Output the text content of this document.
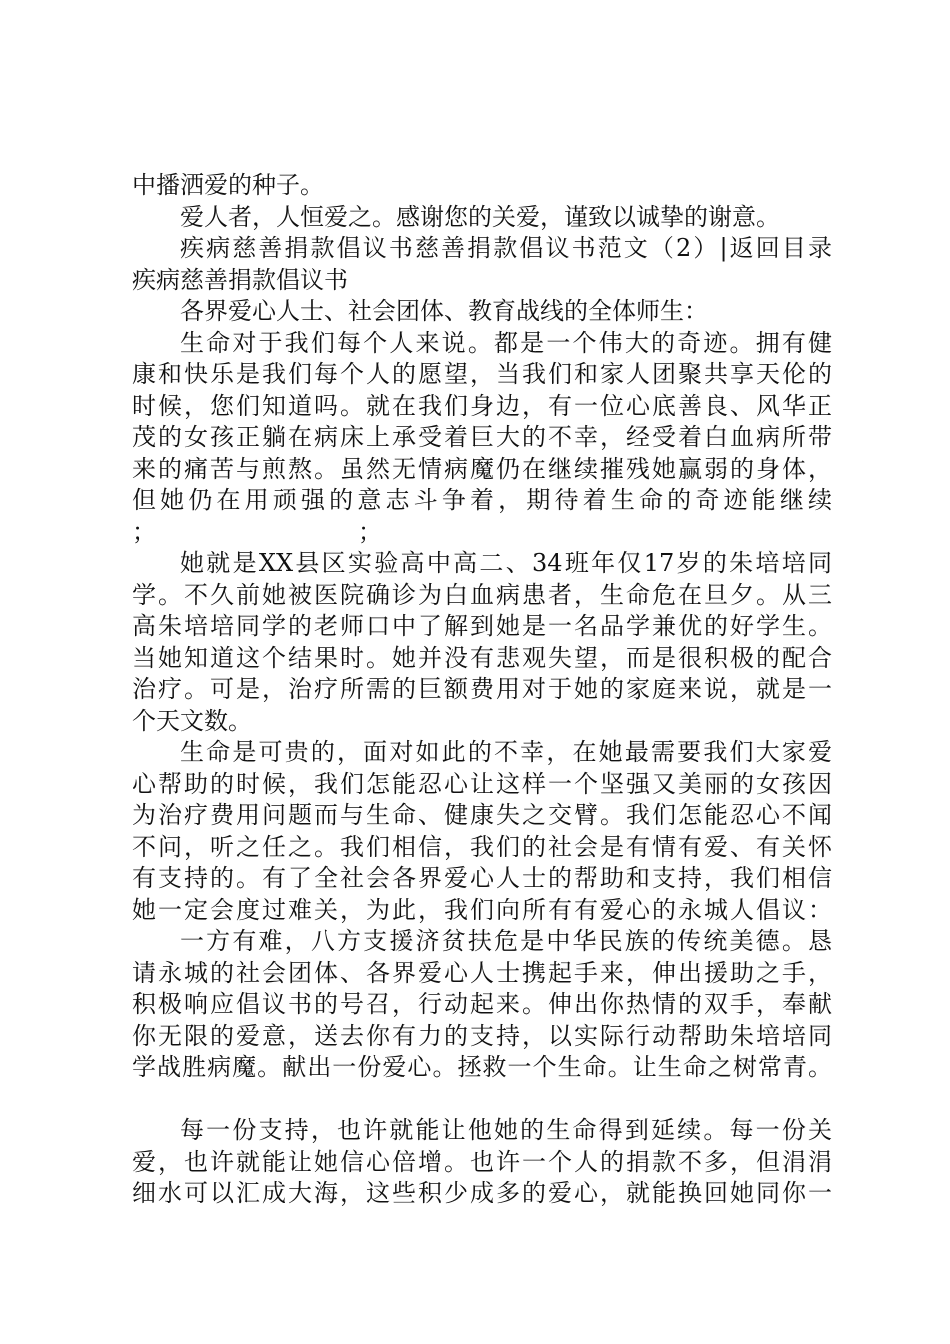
中播洒爱的种子。
爱人者，人恒爱之。感谢您的关爱，谨致以诚挚的谢意。
疾病慈善捐款倡议书慈善捐款倡议书范文（2）|返回目录
疾病慈善捐款倡议书
各界爱心人士、社会团体、教育战线的全体师生：
生命对于我们每个人来说。都是一个伟大的奇迹。拥有健
康和快乐是我们每个人的愿望，当我们和家人团聚共享天伦的
时候，您们知道吗。就在我们身边，有一位心底善良、风华正
茂的女孩正躺在病床上承受着巨大的不幸，经受着白血病所带
来的痛苦与煎熬。虽然无情病魔仍在继续摧残她赢弱的身体，
但她仍在用顽强的意志斗争着，期待着生命的奇迹能继续
；	；
她就是XX县区实验高中高二、34班年仅17岁的朱培培同
学。不久前她被医院确诊为白血病患者，生命危在旦夕。从三
高朱培培同学的老师口中了解到她是一名品学兼优的好学生。
当她知道这个结果时。她并没有悲观失望，而是很积极的配合
治疗。可是，治疗所需的巨额费用对于她的家庭来说，就是一
个天文数。
生命是可贵的，面对如此的不幸，在她最需要我们大家爱
心帮助的时候，我们怎能忍心让这样一个坚强又美丽的女孩因
为治疗费用问题而与生命、健康失之交臂。我们怎能忍心不闻
不问，听之任之。我们相信，我们的社会是有情有爱、有关怀
有支持的。有了全社会各界爱心人士的帮助和支持，我们相信
她一定会度过难关，为此，我们向所有有爱心的永城人倡议：
一方有难，八方支援济贫扶危是中华民族的传统美德。恳
请永城的社会团体、各界爱心人士携起手来，伸出援助之手，
积极响应倡议书的号召，行动起来。伸出你热情的双手，奉献
你无限的爱意，送去你有力的支持，以实际行动帮助朱培培同
学战胜病魔。献出一份爱心。拯救一个生命。让生命之树常青。
每一份支持，也许就能让他她的生命得到延续。每一份关
爱，也许就能让她信心倍增。也许一个人的捐款不多，但涓涓
细水可以汇成大海，这些积少成多的爱心，就能换回她同你一
